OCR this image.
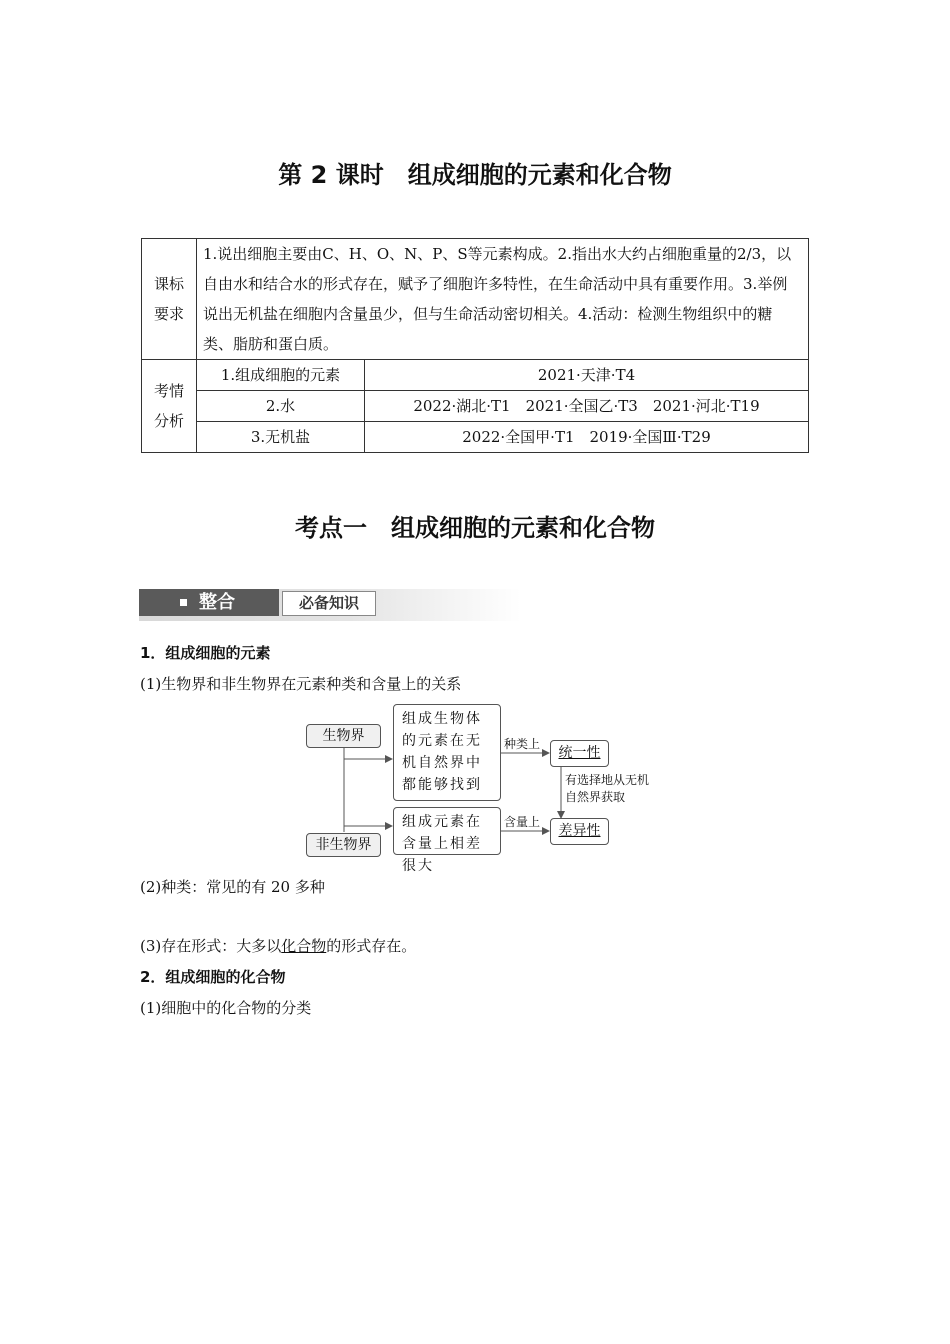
第 2 课时　组成细胞的元素和化合物
课标
要求	1.说出细胞主要由C、H、O、N、P、S等元素构成。2.指出水大约占细胞重量的2/3，以自由水和结合水的形式存在，赋予了细胞许多特性，在生命活动中具有重要作用。3.举例说出无机盐在细胞内含量虽少，但与生命活动密切相关。4.活动：检测生物组织中的糖类、脂肪和蛋白质。	
考情
分析	1.组成细胞的元素	2021·天津·T4
	2.水	2022·湖北·T1　2021·全国乙·T3　2021·河北·T19
	3.无机盐	2022·全国甲·T1　2019·全国Ⅲ·T29
考点一　组成细胞的元素和化合物
整合	必备知识
1．组成细胞的元素
(1)生物界和非生物界在元素种类和含量上的关系
生物界
非生物界
组成生物体的元素在无机自然界中都能够找到
组成元素在含量上相差很大
种类上
含量上
统一性
差异性
有选择地从无机自然界获取
(2)种类：常见的有 20 多种
(3)存在形式：大多以化合物的形式存在。
2．组成细胞的化合物
(1)细胞中的化合物的分类
